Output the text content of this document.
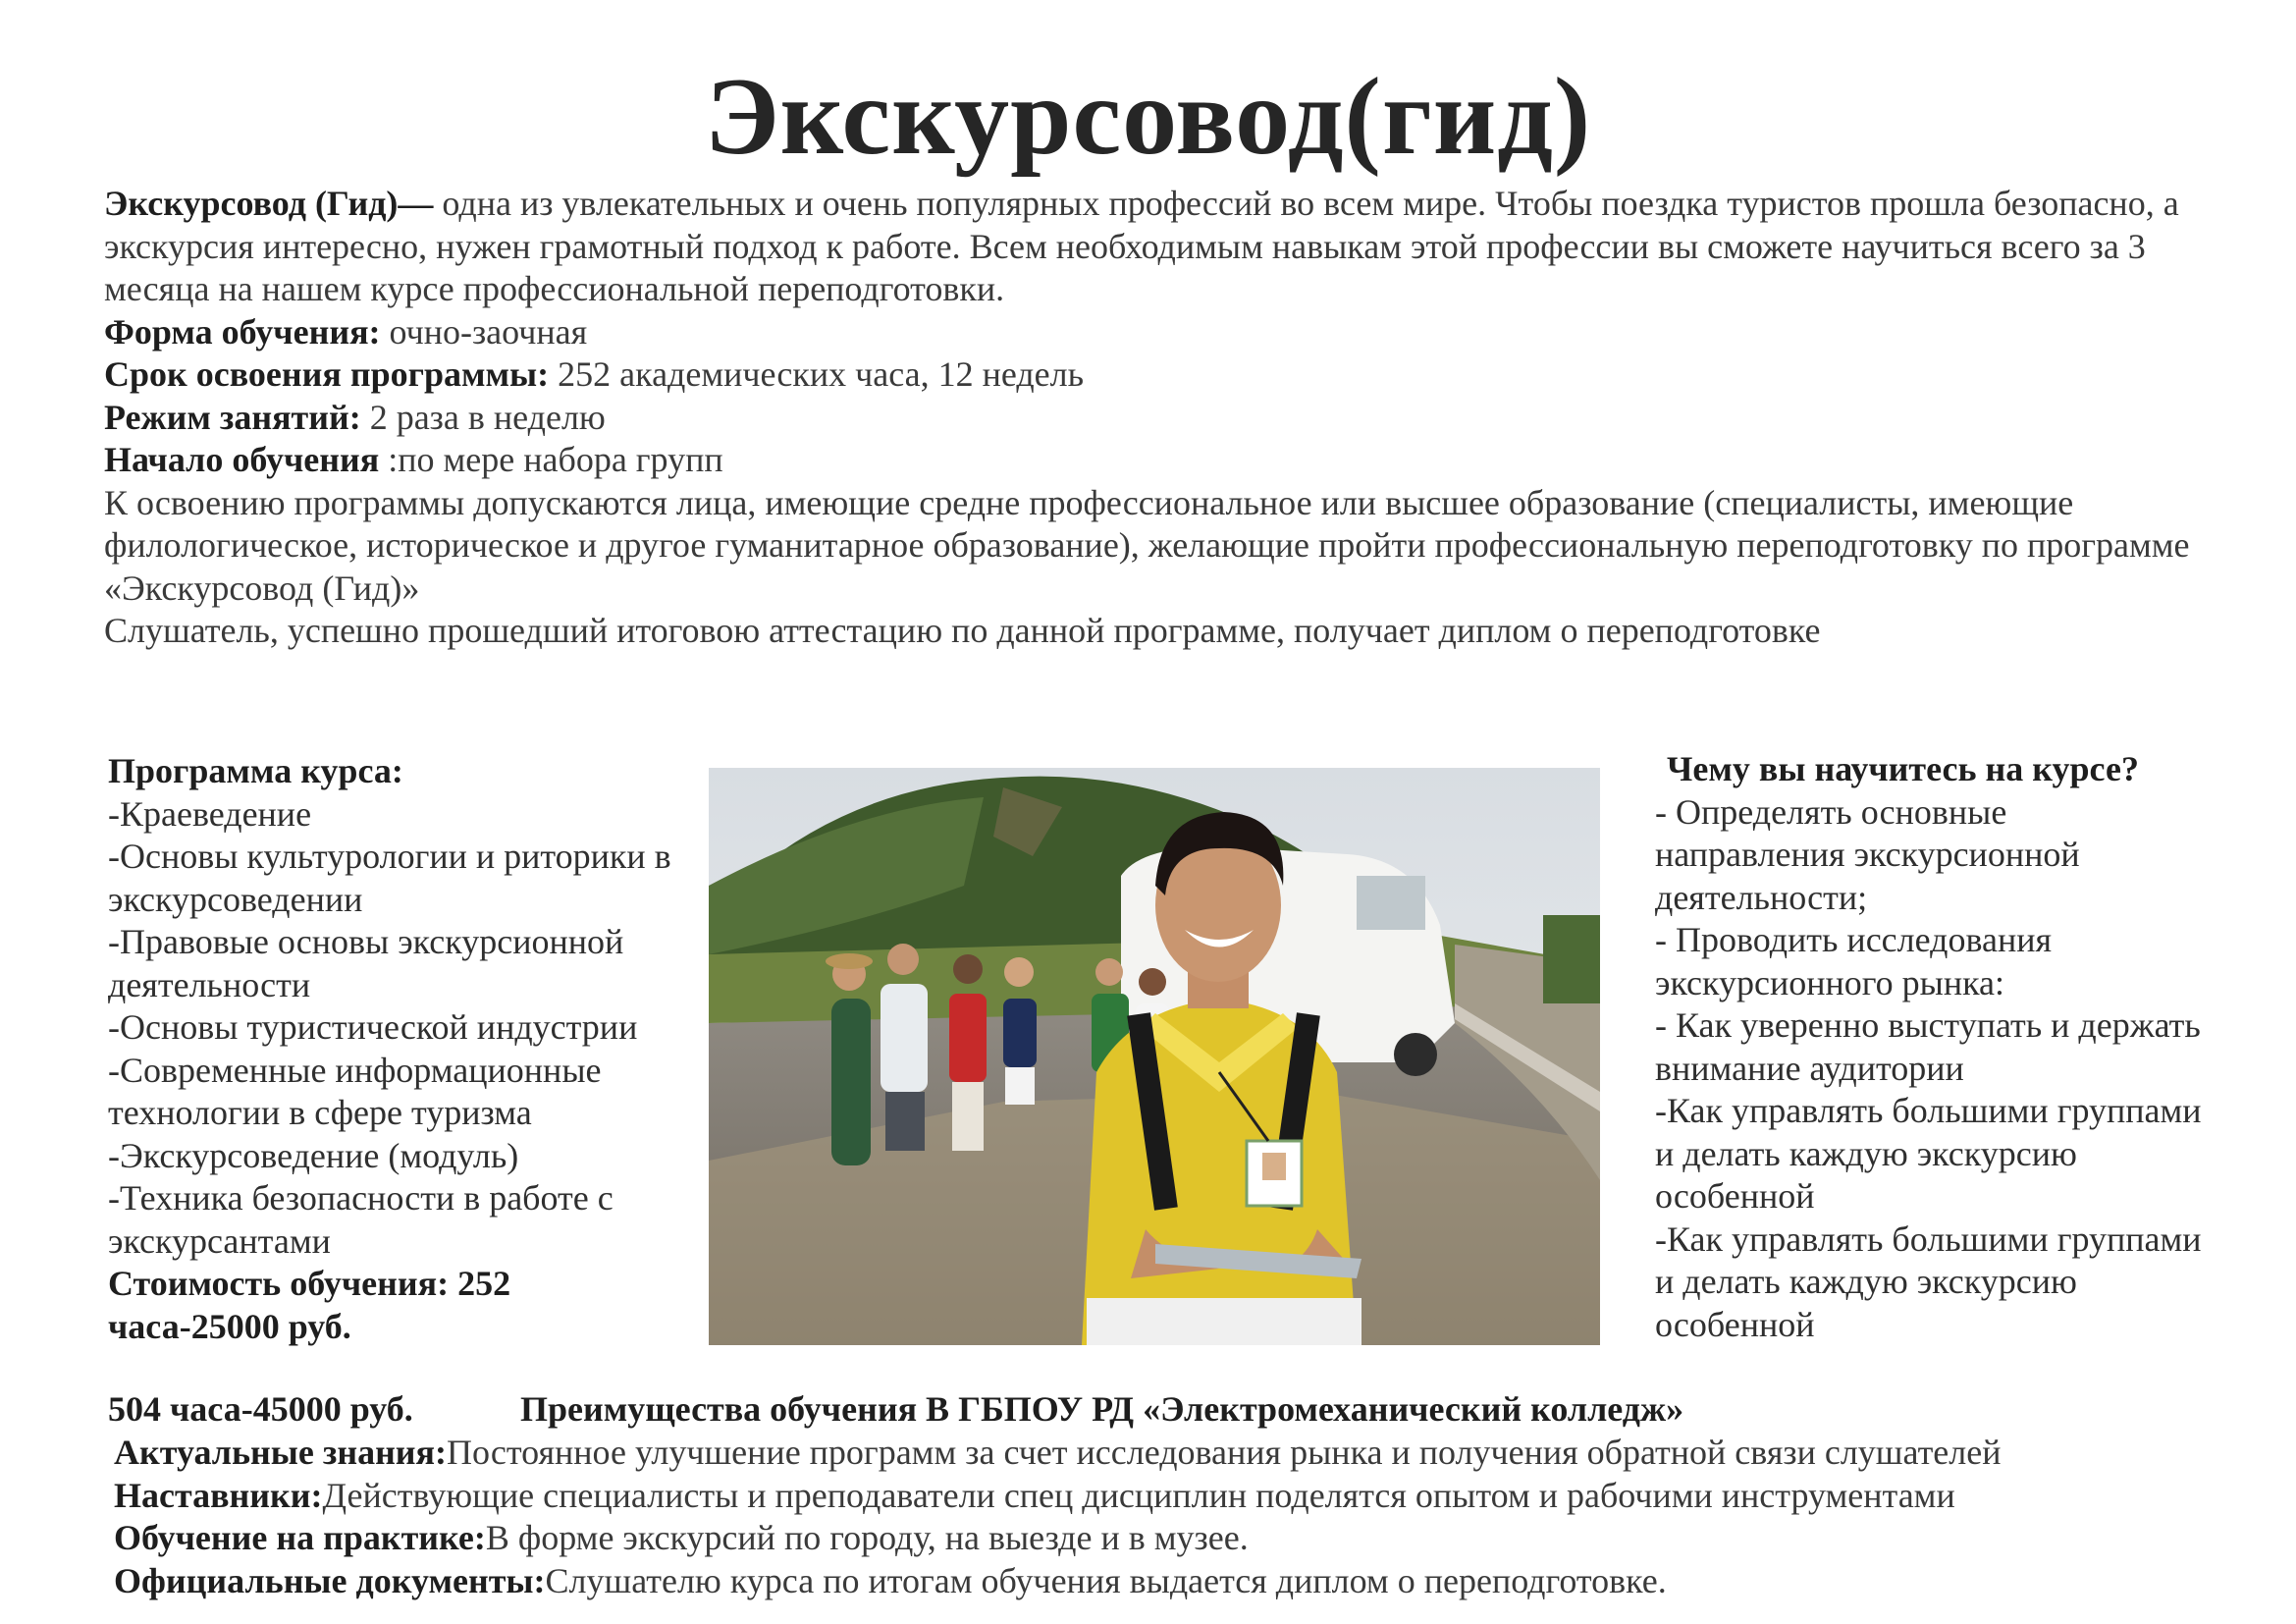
Экскурсовод(гид)

Экскурсовод (Гид)— одна из увлекательных и очень популярных профессий во всем мире. Чтобы поездка туристов прошла безопасно, а экскурсия интересно, нужен грамотный подход к работе. Всем необходимым навыкам этой профессии вы сможете научиться всего за 3 месяца на нашем курсе профессиональной переподготовки.

Форма обучения: очно-заочная

Срок освоения программы: 252 академических часа, 12 недель

Режим занятий: 2 раза в неделю

Начало обучения :по мере набора групп

К освоению программы допускаются лица, имеющие средне профессиональное или высшее образование (специалисты, имеющие филологическое, историческое и другое гуманитарное образование), желающие пройти профессиональную переподготовку по программе «Экскурсовод (Гид)»

Слушатель, успешно прошедший итоговою аттестацию по данной программе, получает диплом о переподготовке

Программа курса:

-Краеведение

-Основы культурологии и риторики в экскурсоведении

-Правовые основы экскурсионной деятельности

-Основы туристической индустрии

-Современные информационные технологии в сфере туризма

-Экскурсоведение (модуль)

-Техника безопасности в работе с экскурсантами

Стоимость обучения: 252 часа-25000 руб.

Чему вы научитесь на курсе?

- Определять основные направления экскурсионной деятельности;

- Проводить исследования экскурсионного рынка:

- Как уверенно выступать и держать внимание аудитории

-Как управлять большими группами и делать каждую экскурсию особенной

-Как управлять большими группами и делать каждую экскурсию особенной

504 часа-45000 руб.	Преимущества обучения В ГБПОУ РД «Электромеханический колледж»

Актуальные знания:Постоянное улучшение программ за счет исследования рынка и получения обратной связи слушателей

Наставники:Действующие специалисты и преподаватели спец дисциплин поделятся опытом и рабочими инструментами

Обучение на практике:В форме экскурсий по городу, на выезде и в музее.

Официальные документы:Слушателю курса по итогам обучения выдается диплом о переподготовке.
